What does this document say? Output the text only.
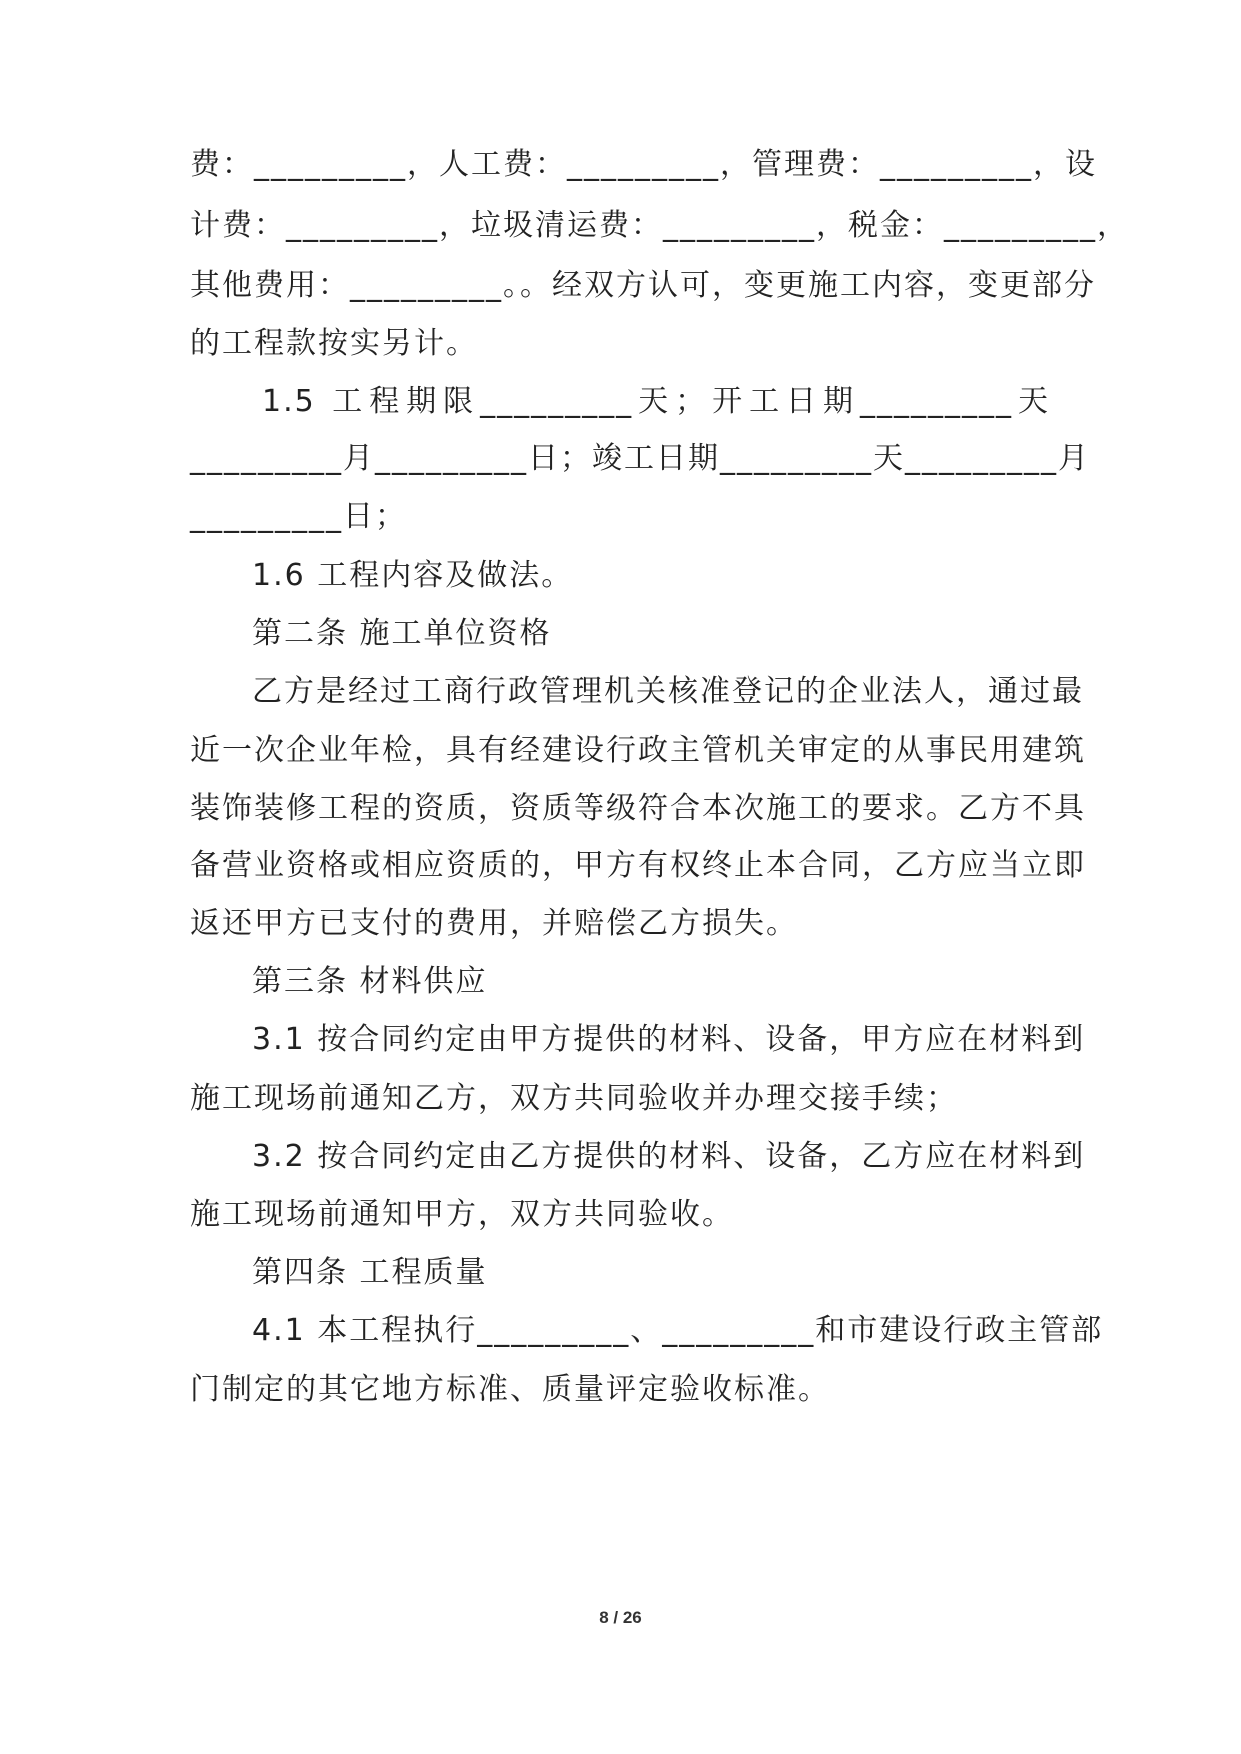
费：_________，人工费：_________，管理费：_________，设
计费：_________，垃圾清运费：_________，税金：_________，
其他费用：_________。。经双方认可，变更施工内容，变更部分
的工程款按实另计。
1.5 工程期限_________天；开工日期_________天
_________月_________日；竣工日期_________天_________月
_________日；
1.6 工程内容及做法。
第二条 施工单位资格
乙方是经过工商行政管理机关核准登记的企业法人，通过最
近一次企业年检，具有经建设行政主管机关审定的从事民用建筑
装饰装修工程的资质，资质等级符合本次施工的要求。乙方不具
备营业资格或相应资质的，甲方有权终止本合同，乙方应当立即
返还甲方已支付的费用，并赔偿乙方损失。
第三条 材料供应
3.1 按合同约定由甲方提供的材料、设备，甲方应在材料到
施工现场前通知乙方，双方共同验收并办理交接手续；
3.2 按合同约定由乙方提供的材料、设备，乙方应在材料到
施工现场前通知甲方，双方共同验收。
第四条 工程质量
4.1 本工程执行_________、_________和市建设行政主管部
门制定的其它地方标准、质量评定验收标准。
8 / 26
